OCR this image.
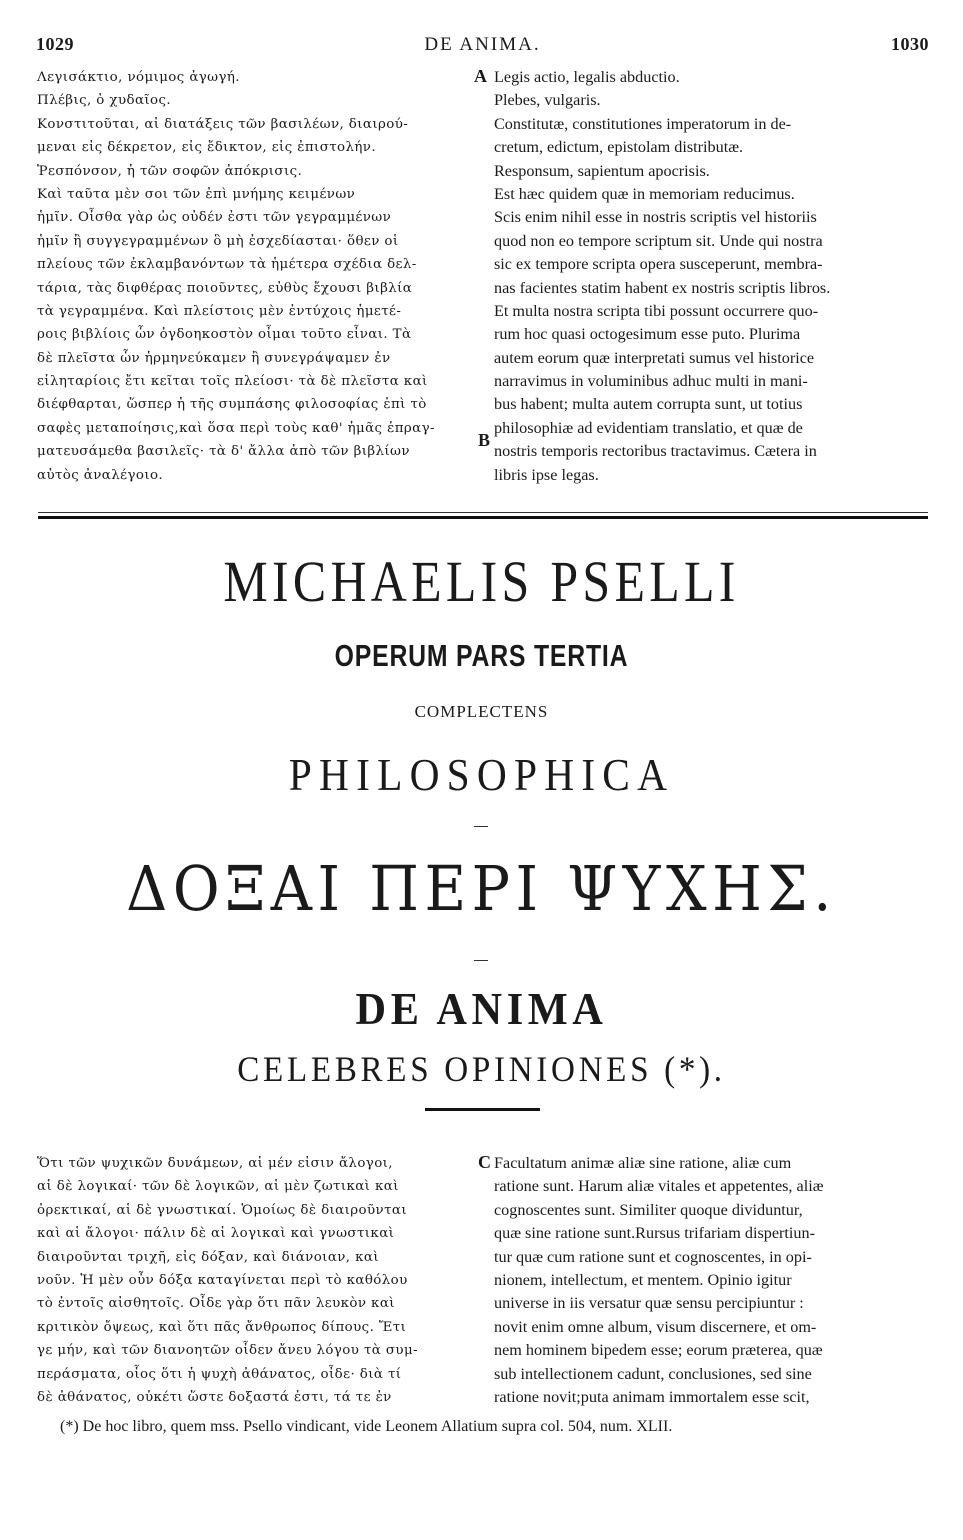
1029	DE ANIMA.	1030
Λεγισάκτιο, νόμιμος ἀγωγή.
Πλέβις, ὁ χυδαῖος.
Κονστιτοῦται, αἱ διατάξεις τῶν βασιλέων, διαιρού-
μεναι εἰς δέκρετον, εἰς ἔδικτον, εἰς ἐπιστολήν.
Ῥεσπόνσον, ἡ τῶν σοφῶν ἀπόκρισις.
Καὶ ταῦτα μὲν σοι τῶν ἐπὶ μνήμης κειμένων
ἡμῖν. Οἶσθα γὰρ ὡς οὐδέν ἐστι τῶν γεγραμμένων
ἡμῖν ἢ συγγεγραμμένων ὃ μὴ ἐσχεδίασται· ὅθεν οἱ
πλείους τῶν ἐκλαμβανόντων τὰ ἡμέτερα σχέδια δελ-
τάρια, τὰς διφθέρας ποιοῦντες, εὐθὺς ἔχουσι βιβλία
τὰ γεγραμμένα. Καὶ πλείστοις μὲν ἐντύχοις ἡμετέ-
ροις βιβλίοις ὧν ὀγδοηκοστὸν οἶμαι τοῦτο εἶναι. Τὰ
δὲ πλεῖστα ὧν ἡρμηνεύκαμεν ἢ συνεγράψαμεν ἐν
εἰληταρίοις ἔτι κεῖται τοῖς πλείοσι· τὰ δὲ πλεῖστα καὶ
διέφθαρται, ὥσπερ ἡ τῆς συμπάσης φιλοσοφίας ἐπὶ τὸ
σαφὲς μεταποίησις,καὶ ὅσα περὶ τοὺς καθ' ἡμᾶς ἐπραγ-
ματευσάμεθα βασιλεῖς· τὰ δ' ἄλλα ἀπὸ τῶν βιβλίων
αὐτὸς ἀναλέγοιο.
Legis actio, legalis abductio.
Plebes, vulgaris.
Constitutæ, constitutiones imperatorum in de-
cretum, edictum, epistolam distributæ.
Responsum, sapientum apocrisis.
Est hæc quidem quæ in memoriam reducimus.
Scis enim nihil esse in nostris scriptis vel historiis
quod non eo tempore scriptum sit. Unde qui nostra
sic ex tempore scripta opera susceperunt, membra-
nas facientes statim habent ex nostris scriptis libros.
Et multa nostra scripta tibi possunt occurrere quo-
rum hoc quasi octogesimum esse puto. Plurima
autem eorum quæ interpretati sumus vel historice
narravimus in voluminibus adhuc multi in mani-
bus habent; multa autem corrupta sunt, ut totius
philosophiæ ad evidentiam translatio, et quæ de
nostris temporis rectoribus tractavimus. Cætera in
libris ipse legas.
A
B
C
MICHAELIS PSELLI
OPERUM PARS TERTIA
COMPLECTENS
PHILOSOPHICA
ΔΟΞΑΙ ΠΕΡΙ ΨΥΧΗΣ.
DE ANIMA
CELEBRES OPINIONES (*).
Ὅτι τῶν ψυχικῶν δυνάμεων, αἱ μέν εἰσιν ἄλογοι,
αἱ δὲ λογικαί· τῶν δὲ λογικῶν, αἱ μὲν ζωτικαὶ καὶ
ὀρεκτικαί, αἱ δὲ γνωστικαί. Ὁμοίως δὲ διαιροῦνται
καὶ αἱ ἄλογοι· πάλιν δὲ αἱ λογικαὶ καὶ γνωστικαὶ
διαιροῦνται τριχῆ, εἰς δόξαν, καὶ διάνοιαν, καὶ
νοῦν. Ἡ μὲν οὖν δόξα καταγίνεται περὶ τὸ καθόλου
τὸ ἐντοῖς αἰσθητοῖς. Οἶδε γὰρ ὅτι πᾶν λευκὸν καὶ
κριτικὸν ὄψεως, καὶ ὅτι πᾶς ἄνθρωπος δίπους. Ἔτι
γε μήν, καὶ τῶν διανοητῶν οἶδεν ἄνευ λόγου τὰ συμ-
περάσματα, οἷος ὅτι ἡ ψυχὴ ἀθάνατος, οἶδε· διὰ τί
δὲ ἀθάνατος, οὐκέτι ὥστε δοξαστά ἐστι, τά τε ἐν
Facultatum animæ aliæ sine ratione, aliæ cum
ratione sunt. Harum aliæ vitales et appetentes, aliæ
cognoscentes sunt. Similiter quoque dividuntur,
quæ sine ratione sunt.Rursus trifariam dispertiun-
tur quæ cum ratione sunt et cognoscentes, in opi-
nionem, intellectum, et mentem. Opinio igitur
universe in iis versatur quæ sensu percipiuntur :
novit enim omne album, visum discernere, et om-
nem hominem bipedem esse; eorum præterea, quæ
sub intellectionem cadunt, conclusiones, sed sine
ratione novit;puta animam immortalem esse scit,
(*) De hoc libro, quem mss. Psello vindicant, vide Leonem Allatium supra col. 504, num. XLII.
